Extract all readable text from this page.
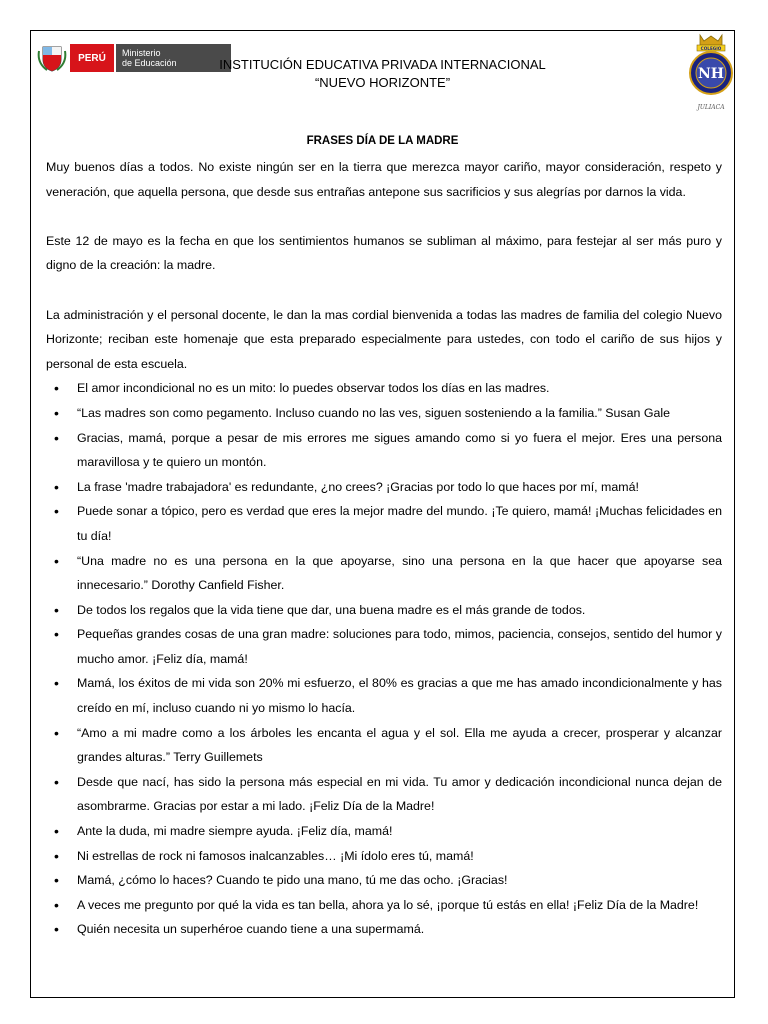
PERÚ	Ministerio
de Educación	INSTITUCIÓN EDUCATIVA PRIVADA INTERNACIONAL
“NUEVO HORIZONTE”
COLEGIO
NH
JULIACA
FRASES DÍA DE LA MADRE

Muy buenos días a todos. No existe ningún ser en la tierra que merezca mayor cariño, mayor consideración, respeto y veneración, que aquella persona, que desde sus entrañas antepone sus sacrificios y sus alegrías por darnos la vida.

Este 12 de mayo es la fecha en que los sentimientos humanos se subliman al máximo, para festejar al ser más puro y digno de la creación: la madre.

La administración y el personal docente, le dan la mas cordial bienvenida a todas las madres de familia del colegio Nuevo Horizonte; reciban este homenaje que esta preparado especialmente para ustedes, con todo el cariño de sus hijos y personal de esta escuela.

• El amor incondicional no es un mito: lo puedes observar todos los días en las madres.
• “Las madres son como pegamento. Incluso cuando no las ves, siguen sosteniendo a la familia.” Susan Gale
• Gracias, mamá, porque a pesar de mis errores me sigues amando como si yo fuera el mejor. Eres una persona maravillosa y te quiero un montón.
• La frase 'madre trabajadora' es redundante, ¿no crees? ¡Gracias por todo lo que haces por mí, mamá!
• Puede sonar a tópico, pero es verdad que eres la mejor madre del mundo. ¡Te quiero, mamá! ¡Muchas felicidades en tu día!
• “Una madre no es una persona en la que apoyarse, sino una persona en la que hacer que apoyarse sea innecesario.” Dorothy Canfield Fisher.
• De todos los regalos que la vida tiene que dar, una buena madre es el más grande de todos.
• Pequeñas grandes cosas de una gran madre: soluciones para todo, mimos, paciencia, consejos, sentido del humor y mucho amor. ¡Feliz día, mamá!
• Mamá, los éxitos de mi vida son 20% mi esfuerzo, el 80% es gracias a que me has amado incondicionalmente y has creído en mí, incluso cuando ni yo mismo lo hacía.
• “Amo a mi madre como a los árboles les encanta el agua y el sol. Ella me ayuda a crecer, prosperar y alcanzar grandes alturas.” Terry Guillemets
• Desde que nací, has sido la persona más especial en mi vida. Tu amor y dedicación incondicional nunca dejan de asombrarme. Gracias por estar a mi lado. ¡Feliz Día de la Madre!
• Ante la duda, mi madre siempre ayuda. ¡Feliz día, mamá!
• Ni estrellas de rock ni famosos inalcanzables… ¡Mi ídolo eres tú, mamá!
• Mamá, ¿cómo lo haces? Cuando te pido una mano, tú me das ocho. ¡Gracias!
• A veces me pregunto por qué la vida es tan bella, ahora ya lo sé, ¡porque tú estás en ella! ¡Feliz Día de la Madre!
• Quién necesita un superhéroe cuando tiene a una supermamá.
